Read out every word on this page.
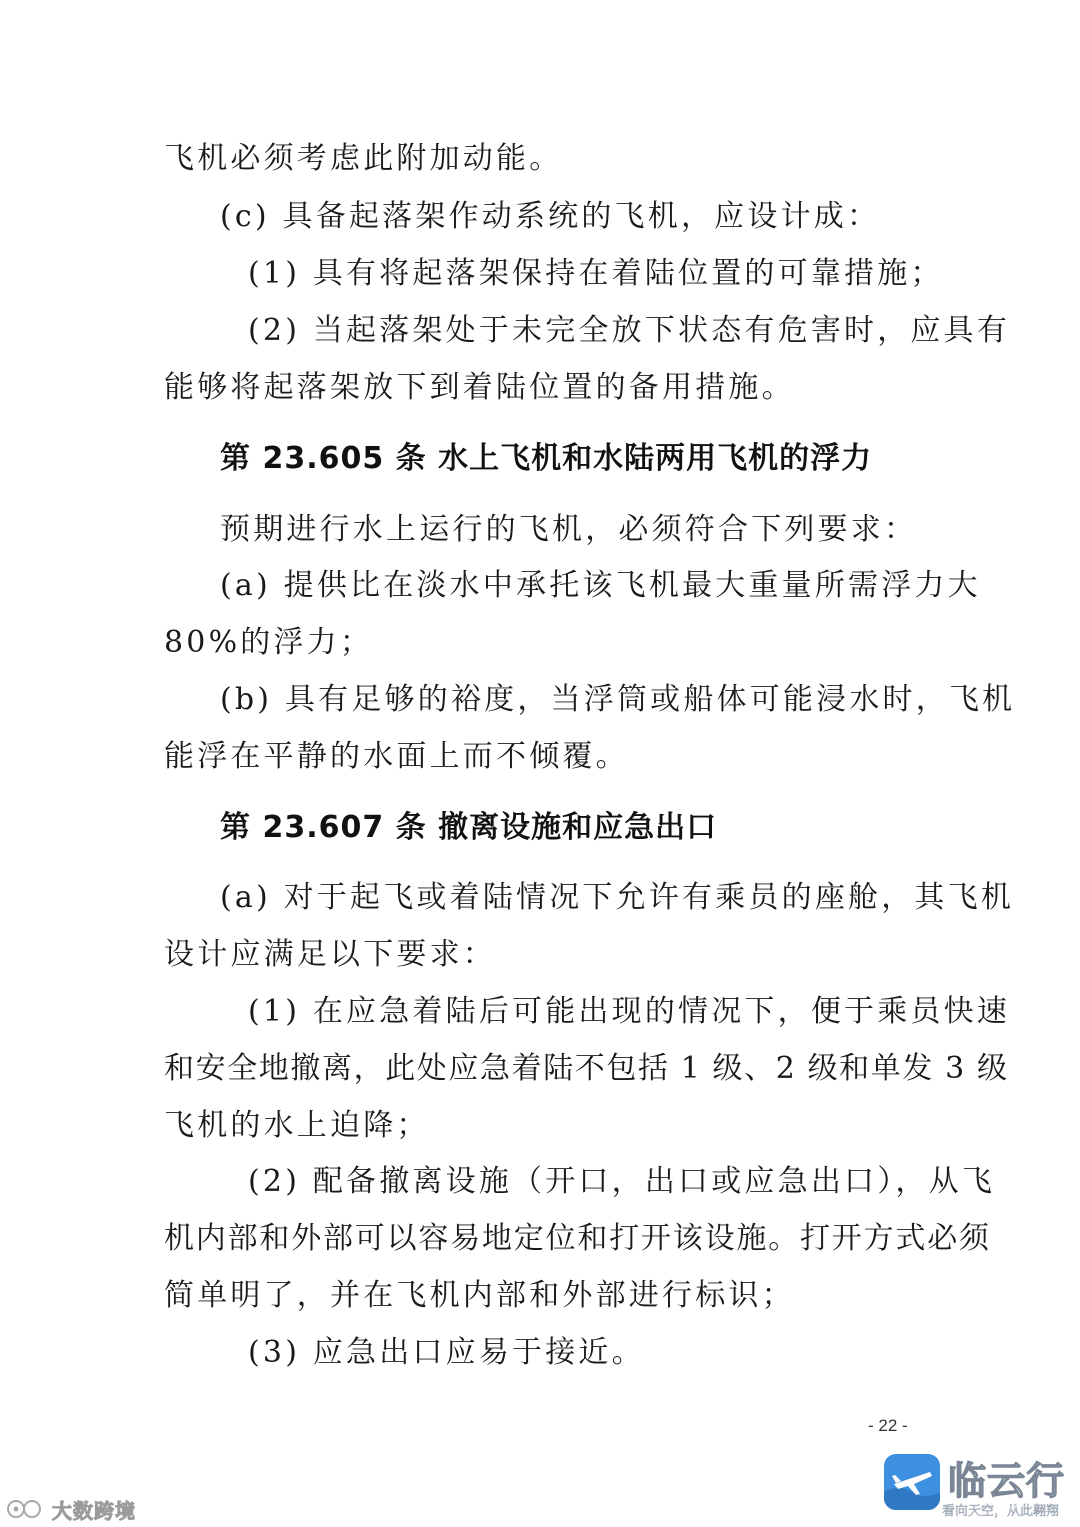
飞机必须考虑此附加动能。
(c) 具备起落架作动系统的飞机，应设计成：
(1) 具有将起落架保持在着陆位置的可靠措施；
(2) 当起落架处于未完全放下状态有危害时，应具有
能够将起落架放下到着陆位置的备用措施。
第 23.605 条 水上飞机和水陆两用飞机的浮力
预期进行水上运行的飞机，必须符合下列要求：
(a) 提供比在淡水中承托该飞机最大重量所需浮力大
80%的浮力；
(b) 具有足够的裕度，当浮筒或船体可能浸水时，飞机
能浮在平静的水面上而不倾覆。
第 23.607 条 撤离设施和应急出口
(a) 对于起飞或着陆情况下允许有乘员的座舱，其飞机
设计应满足以下要求：
(1) 在应急着陆后可能出现的情况下，便于乘员快速
和安全地撤离，此处应急着陆不包括 1 级、2 级和单发 3 级
飞机的水上迫降；
(2) 配备撤离设施（开口，出口或应急出口），从飞
机内部和外部可以容易地定位和打开该设施。打开方式必须
简单明了，并在飞机内部和外部进行标识；
(3) 应急出口应易于接近。
- 22 -
大数跨境
临云行
看向天空，从此翱翔
